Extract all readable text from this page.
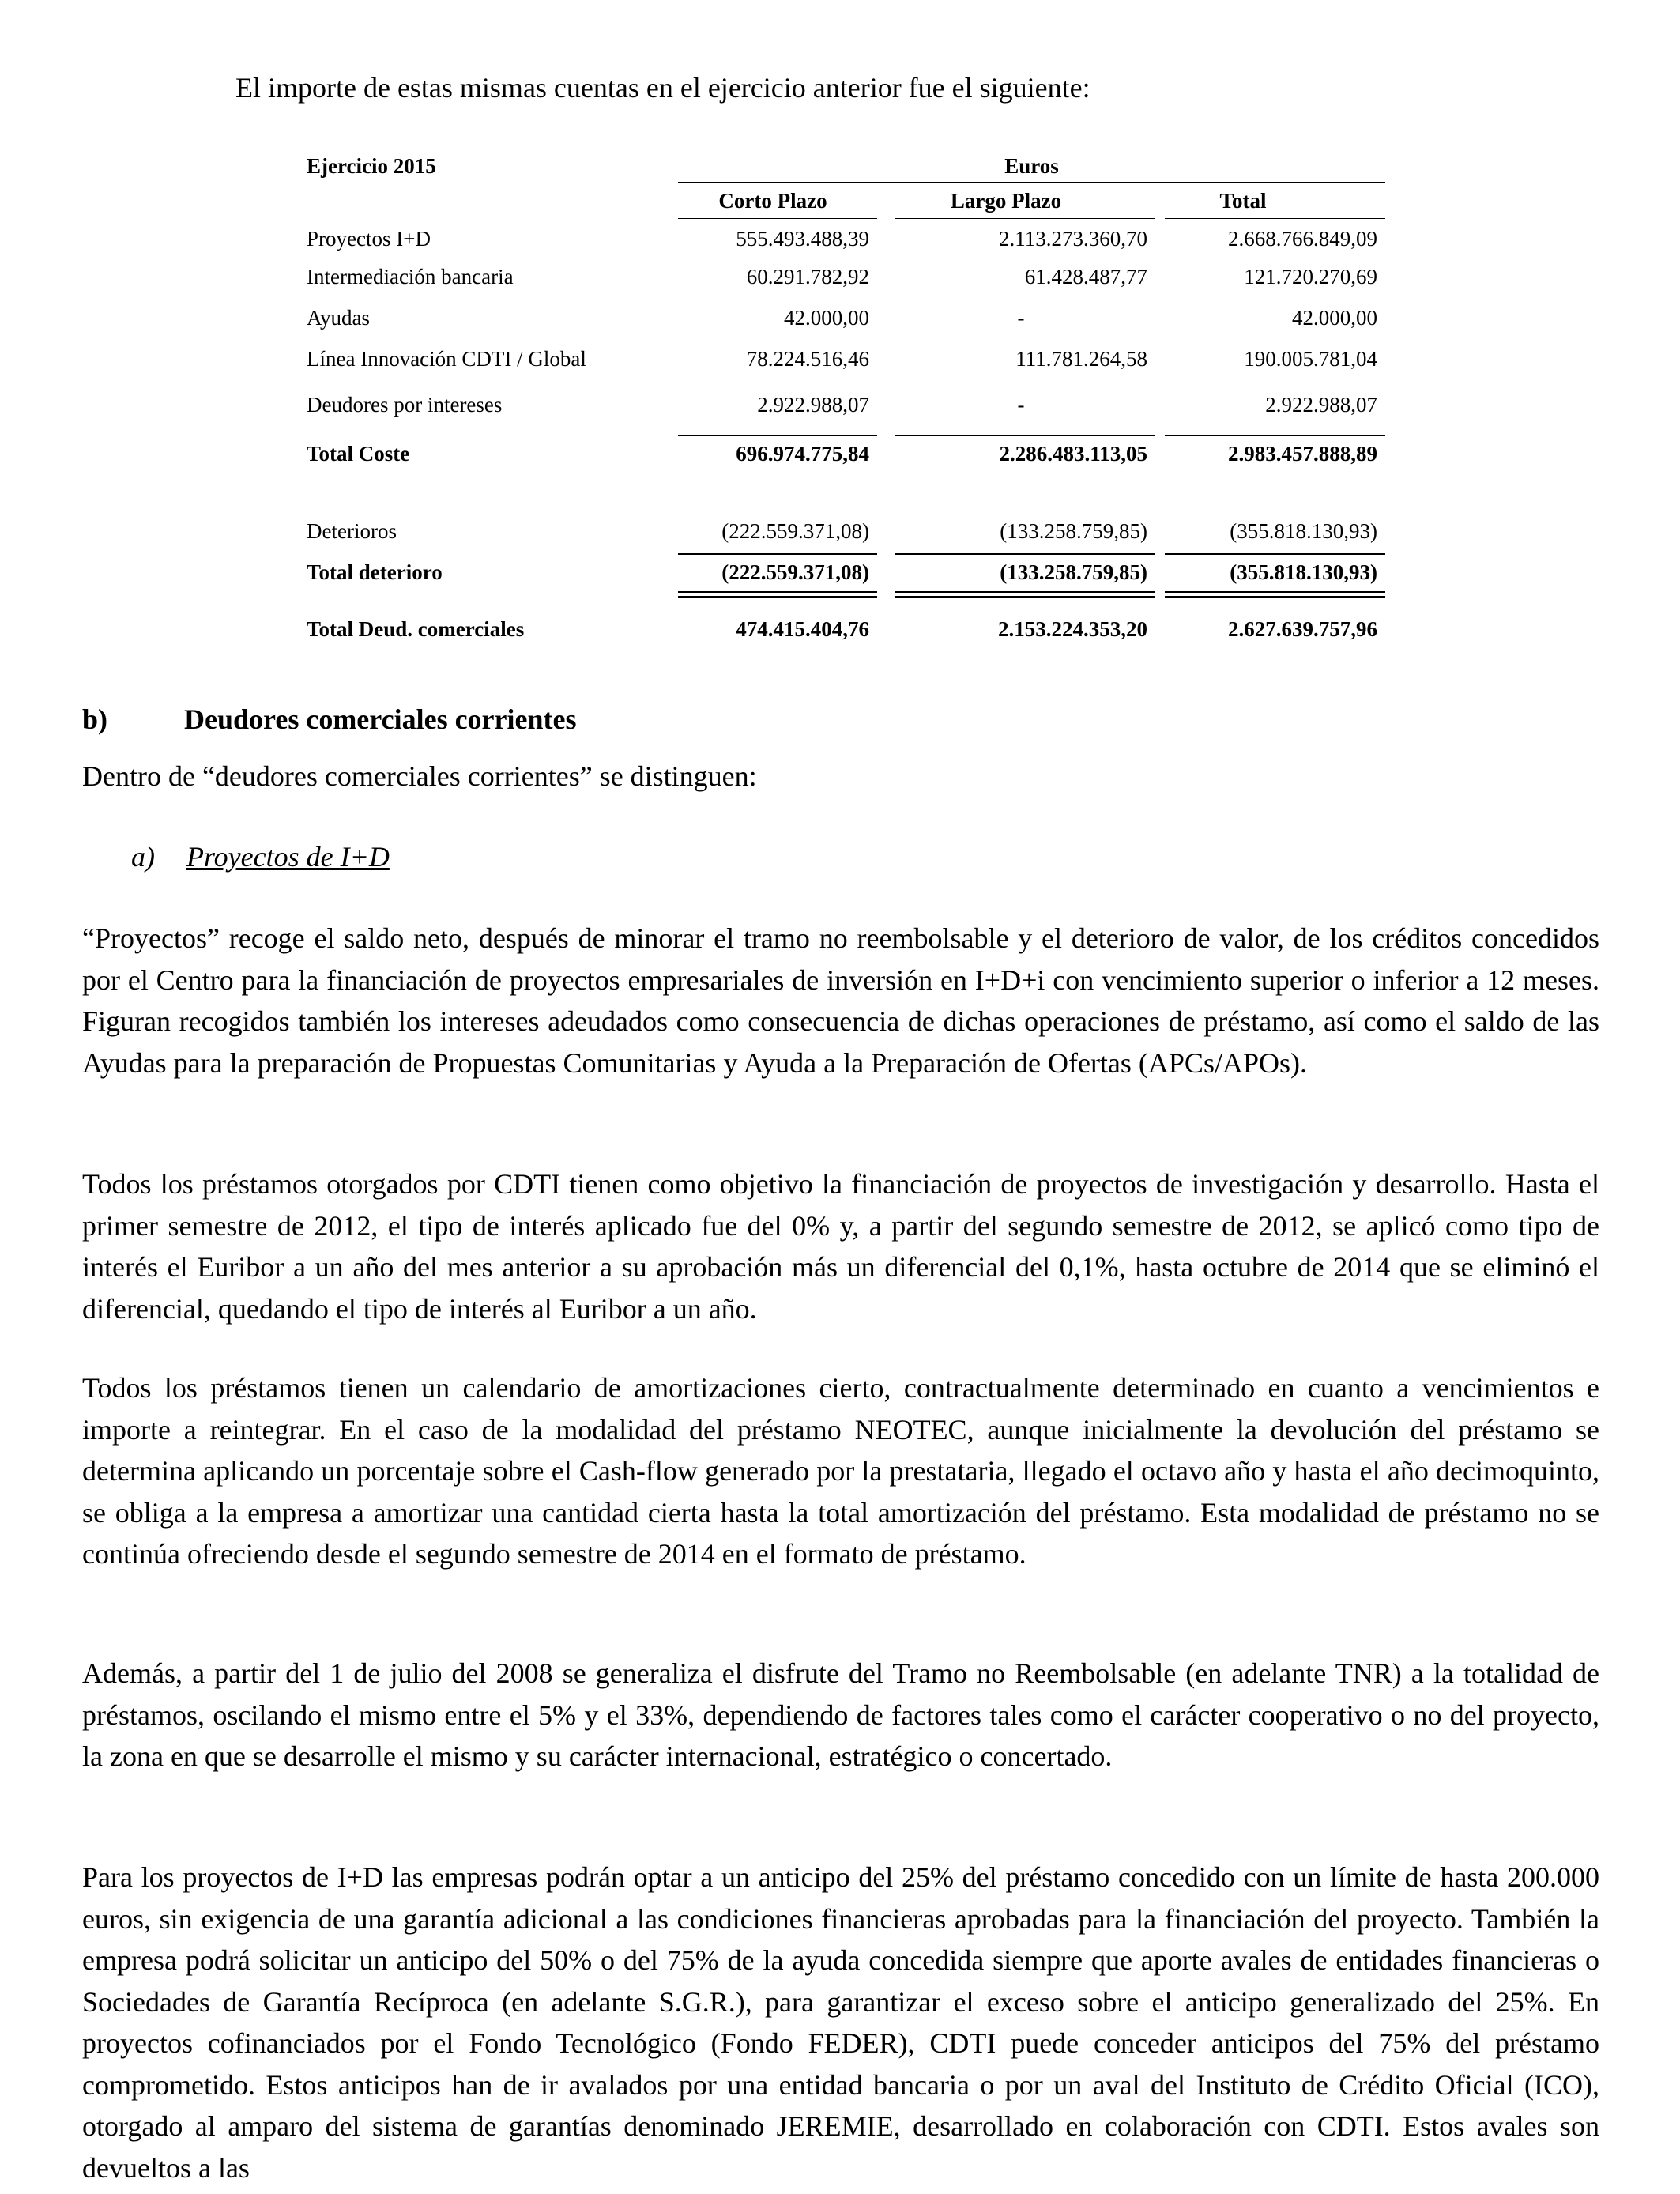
El importe de estas mismas cuentas en el ejercicio anterior fue el siguiente:
Ejercicio 2015	Euros
Corto Plazo	Largo Plazo	Total
Proyectos I+D	555.493.488,39	2.113.273.360,70	2.668.766.849,09
Intermediación bancaria	60.291.782,92	61.428.487,77	121.720.270,69
Ayudas	42.000,00	-	42.000,00
Línea Innovación CDTI / Global	78.224.516,46	111.781.264,58	190.005.781,04
Deudores por intereses	2.922.988,07	-	2.922.988,07
Total Coste	696.974.775,84	2.286.483.113,05	2.983.457.888,89
Deterioros	(222.559.371,08)	(133.258.759,85)	(355.818.130,93)
Total deterioro	(222.559.371,08)	(133.258.759,85)	(355.818.130,93)
Total Deud. comerciales	474.415.404,76	2.153.224.353,20	2.627.639.757,96
b)	Deudores comerciales corrientes
Dentro de “deudores comerciales corrientes” se distinguen:
a) Proyectos de I+D
“Proyectos” recoge el saldo neto, después de minorar el tramo no reembolsable y el deterioro de valor, de los créditos concedidos por el Centro para la financiación de proyectos empresariales de inversión en I+D+i con vencimiento superior o inferior a 12 meses. Figuran recogidos también los intereses adeudados como consecuencia de dichas operaciones de préstamo, así como el saldo de las Ayudas para la preparación de Propuestas Comunitarias y Ayuda a la Preparación de Ofertas (APCs/APOs).
Todos los préstamos otorgados por CDTI tienen como objetivo la financiación de proyectos de investigación y desarrollo. Hasta el primer semestre de 2012, el tipo de interés aplicado fue del 0% y, a partir del segundo semestre de 2012, se aplicó como tipo de interés el Euribor a un año del mes anterior a su aprobación más un diferencial del 0,1%, hasta octubre de 2014 que se eliminó el diferencial, quedando el tipo de interés al Euribor a un año.
Todos los préstamos tienen un calendario de amortizaciones cierto, contractualmente determinado en cuanto a vencimientos e importe a reintegrar. En el caso de la modalidad del préstamo NEOTEC, aunque inicialmente la devolución del préstamo se determina aplicando un porcentaje sobre el Cash-flow generado por la prestataria, llegado el octavo año y hasta el año decimoquinto, se obliga a la empresa a amortizar una cantidad cierta hasta la total amortización del préstamo. Esta modalidad de préstamo no se continúa ofreciendo desde el segundo semestre de 2014 en el formato de préstamo.
Además, a partir del 1 de julio del 2008 se generaliza el disfrute del Tramo no Reembolsable (en adelante TNR) a la totalidad de préstamos, oscilando el mismo entre el 5% y el 33%, dependiendo de factores tales como el carácter cooperativo o no del proyecto, la zona en que se desarrolle el mismo y su carácter internacional, estratégico o concertado.
Para los proyectos de I+D las empresas podrán optar a un anticipo del 25% del préstamo concedido con un límite de hasta 200.000 euros, sin exigencia de una garantía adicional a las condiciones financieras aprobadas para la financiación del proyecto. También la empresa podrá solicitar un anticipo del 50% o del 75% de la ayuda concedida siempre que aporte avales de entidades financieras o Sociedades de Garantía Recíproca (en adelante S.G.R.), para garantizar el exceso sobre el anticipo generalizado del 25%. En proyectos cofinanciados por el Fondo Tecnológico (Fondo FEDER), CDTI puede conceder anticipos del 75% del préstamo comprometido. Estos anticipos han de ir avalados por una entidad bancaria o por un aval del Instituto de Crédito Oficial (ICO), otorgado al amparo del sistema de garantías denominado JEREMIE, desarrollado en colaboración con CDTI. Estos avales son devueltos a las
